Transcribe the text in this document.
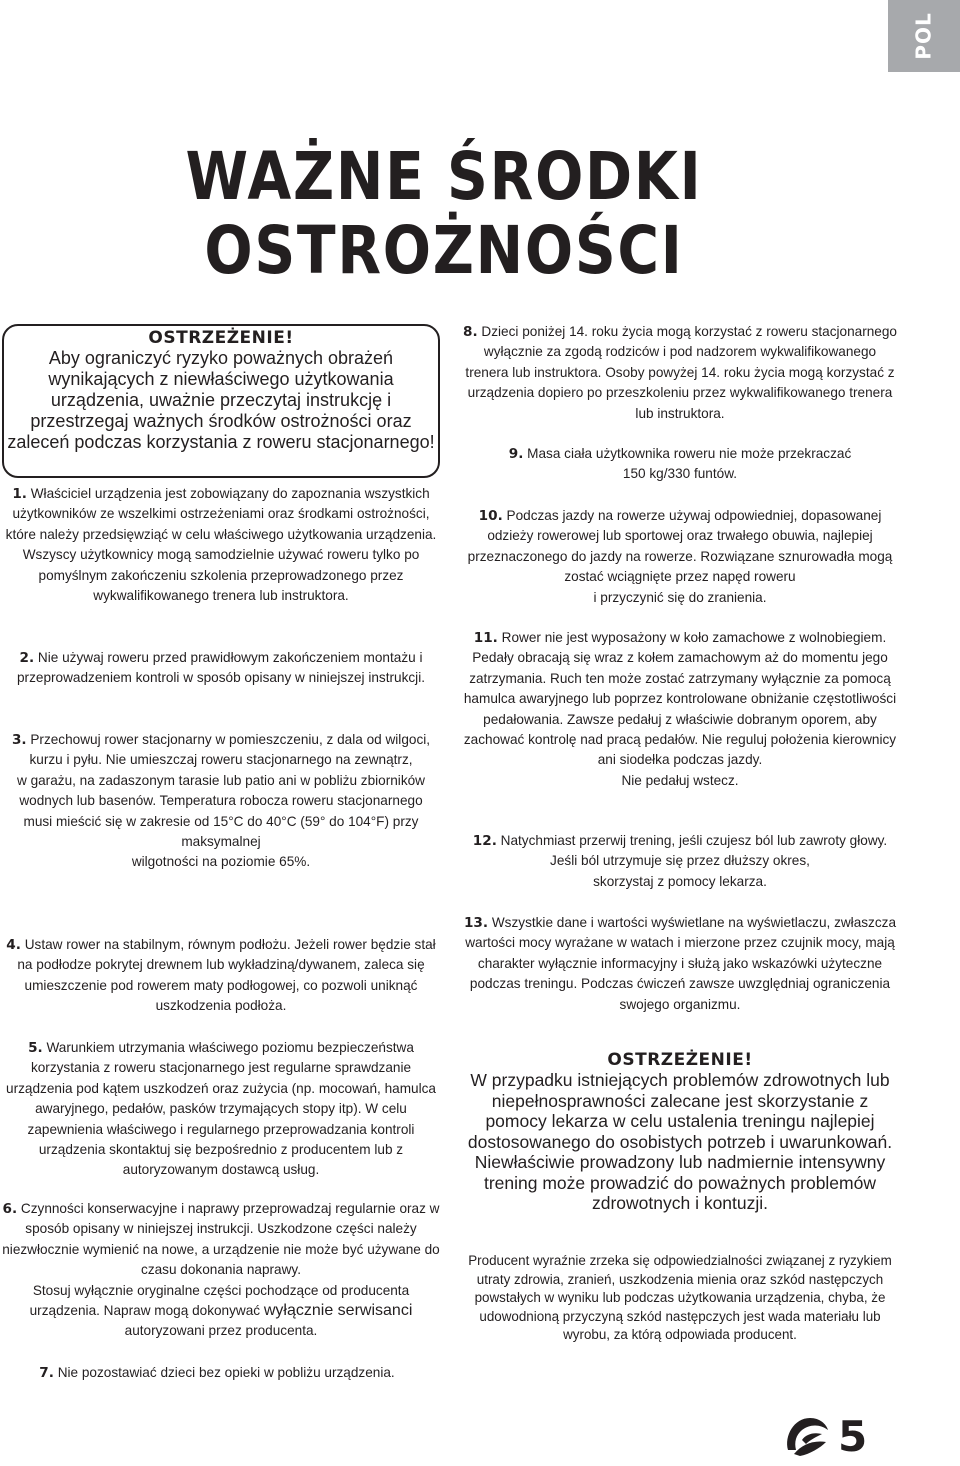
POL
WAŻNE ŚRODKI
OSTROŻNOŚCI
OSTRZEŻENIE!
Aby ograniczyć ryzyko poważnych obrażeń wynikających z niewłaściwego użytkowania urządzenia, uważnie przeczytaj instrukcję i przestrzegaj ważnych środków ostrożności oraz zaleceń podczas korzystania z roweru stacjonarnego!

1. Właściciel urządzenia jest zobowiązany do zapoznania wszystkich użytkowników ze wszelkimi ostrzeżeniami oraz środkami ostrożności, które należy przedsięwziąć w celu właściwego użytkowania urządzenia. Wszyscy użytkownicy mogą samodzielnie używać roweru tylko po pomyślnym zakończeniu szkolenia przeprowadzonego przez wykwalifikowanego trenera lub instruktora.

2. Nie używaj roweru przed prawidłowym zakończeniem montażu i przeprowadzeniem kontroli w sposób opisany w niniejszej instrukcji.

3. Przechowuj rower stacjonarny w pomieszczeniu, z dala od wilgoci, kurzu i pyłu. Nie umieszczaj roweru stacjonarnego na zewnątrz,

w garażu, na zadaszonym tarasie lub patio ani w pobliżu zbiorników wodnych lub basenów. Temperatura robocza roweru stacjonarnego

musi mieścić się w zakresie od 15°C do 40°C (59° do 104°F) przy maksymalnej

wilgotności na poziomie 65%.

4. Ustaw rower na stabilnym, równym podłożu. Jeżeli rower będzie stał na podłodze pokrytej drewnem lub wykładziną/dywanem, zaleca się umieszczenie pod rowerem maty podłogowej, co pozwoli uniknąć uszkodzenia podłoża.

5. Warunkiem utrzymania właściwego poziomu bezpieczeństwa korzystania z roweru stacjonarnego jest regularne sprawdzanie urządzenia pod kątem uszkodzeń oraz zużycia (np. mocowań, hamulca awaryjnego, pedałów, pasków trzymających stopy itp). W celu zapewnienia właściwego i regularnego przeprowadzania kontroli urządzenia skontaktuj się bezpośrednio z producentem lub z autoryzowanym dostawcą usług.

6. Czynności konserwacyjne i naprawy przeprowadzaj regularnie oraz w sposób opisany w niniejszej instrukcji. Uszkodzone części należy niezwłocznie wymienić na nowe, a urządzenie nie może być używane do czasu dokonania naprawy.

Stosuj wyłącznie oryginalne części pochodzące od producenta urządzenia. Napraw mogą dokonywać wyłącznie serwisanci

autoryzowani przez producenta.

7. Nie pozostawiać dzieci bez opieki w pobliżu urządzenia.

8. Dzieci poniżej 14. roku życia mogą korzystać z roweru stacjonarnego wyłącznie za zgodą rodziców i pod nadzorem wykwalifikowanego trenera lub instruktora. Osoby powyżej 14. roku życia mogą korzystać z urządzenia dopiero po przeszkoleniu przez wykwalifikowanego trenera lub instruktora.

9. Masa ciała użytkownika roweru nie może przekraczać

150 kg/330 funtów.

10. Podczas jazdy na rowerze używaj odpowiedniej, dopasowanej odzieży rowerowej lub sportowej oraz trwałego obuwia, najlepiej przeznaczonego do jazdy na rowerze. Rozwiązane sznurowadła mogą zostać wciągnięte przez napęd roweru

i przyczynić się do zranienia.

11. Rower nie jest wyposażony w koło zamachowe z wolnobiegiem. Pedały obracają się wraz z kołem zamachowym aż do momentu jego zatrzymania. Ruch ten może zostać zatrzymany wyłącznie za pomocą hamulca awaryjnego lub poprzez kontrolowane obniżanie częstotliwości pedałowania. Zawsze pedałuj z właściwie dobranym oporem, aby zachować kontrolę nad pracą pedałów. Nie reguluj położenia kierownicy ani siodełka podczas jazdy.

Nie pedałuj wstecz.

12. Natychmiast przerwij trening, jeśli czujesz ból lub zawroty głowy. Jeśli ból utrzymuje się przez dłuższy okres,

skorzystaj z pomocy lekarza.

13. Wszystkie dane i wartości wyświetlane na wyświetlaczu, zwłaszcza wartości mocy wyrażane w watach i mierzone przez czujnik mocy, mają charakter wyłącznie informacyjny i służą jako wskazówki użyteczne podczas treningu. Podczas ćwiczeń zawsze uwzględniaj ograniczenia swojego organizmu.

OSTRZEŻENIE!
W przypadku istniejących problemów zdrowotnych lub niepełnosprawności zalecane jest skorzystanie z pomocy lekarza w celu ustalenia treningu najlepiej dostosowanego do osobistych potrzeb i uwarunkowań. Niewłaściwie prowadzony lub nadmiernie intensywny
trening może prowadzić do poważnych problemów zdrowotnych i kontuzji.
Producent wyraźnie zrzeka się odpowiedzialności związanej z ryzykiem utraty zdrowia, zranień, uszkodzenia mienia oraz szkód następczych powstałych w wyniku lub podczas użytkowania urządzenia, chyba, że udowodnioną przyczyną szkód następczych jest wada materiału lub wyrobu, za którą odpowiada producent.
5
